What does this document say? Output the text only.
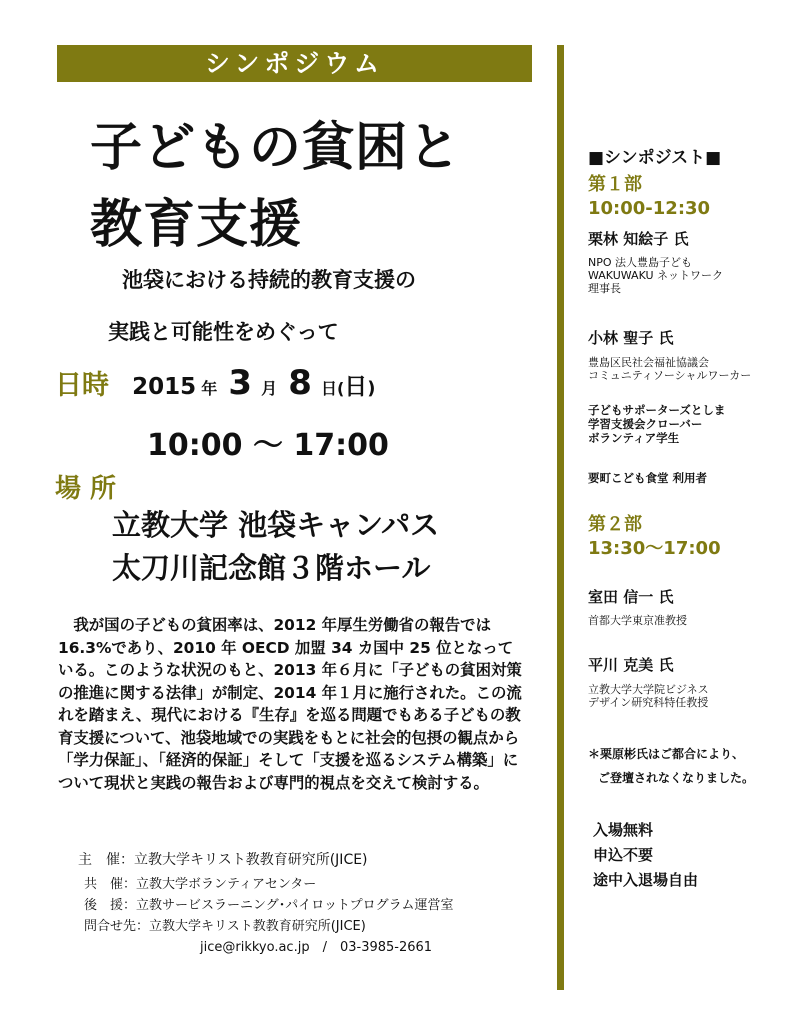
シンポジウム
子どもの貧困と
教育支援
池袋における持続的教育支援の
実践と可能性をめぐって
日時 2015 年 3 月 8 日(日)
10:00 ～ 17:00
場 所
立教大学 池袋キャンパス
太刀川記念館３階ホール

我が国の子どもの貧困率は、2012 年厚生労働省の報告では 16.3%であり、2010 年 OECD 加盟 34 カ国中 25 位となっている。このような状況のもと、2013 年６月に「子どもの貧困対策の推進に関する法律」が制定、2014 年１月に施行された。この流れを踏まえ、現代における『生存』を巡る問題でもある子どもの教育支援について、池袋地域での実践をもとに社会的包摂の観点から「学力保証」、「経済的保証」そして「支援を巡るシステム構築」について現状と実践の報告および専門的視点を交えて検討する。

主　催：立教大学キリスト教教育研究所(JICE)
共　催：立教大学ボランティアセンター
後　援：立教サービスラーニング･パイロットプログラム運営室
問合せ先：立教大学キリスト教教育研究所(JICE)
jice@rikkyo.ac.jp　/　03-3985-2661
■シンポジスト■
第１部
10:00-12:30
栗林 知絵子 氏
NPO 法人豊島子ども
WAKUWAKU ネットワーク
理事長
小林 聖子 氏
豊島区民社会福祉協議会
コミュニティソーシャルワーカー
子どもサポーターズとしま
学習支援会クローバー
ボランティア学生
要町こども食堂 利用者
第２部
13:30～17:00
室田 信一 氏
首都大学東京准教授
平川 克美 氏
立教大学大学院ビジネス
デザイン研究科特任教授
＊栗原彬氏はご都合により、
ご登壇されなくなりました。
入場無料
申込不要
途中入退場自由
